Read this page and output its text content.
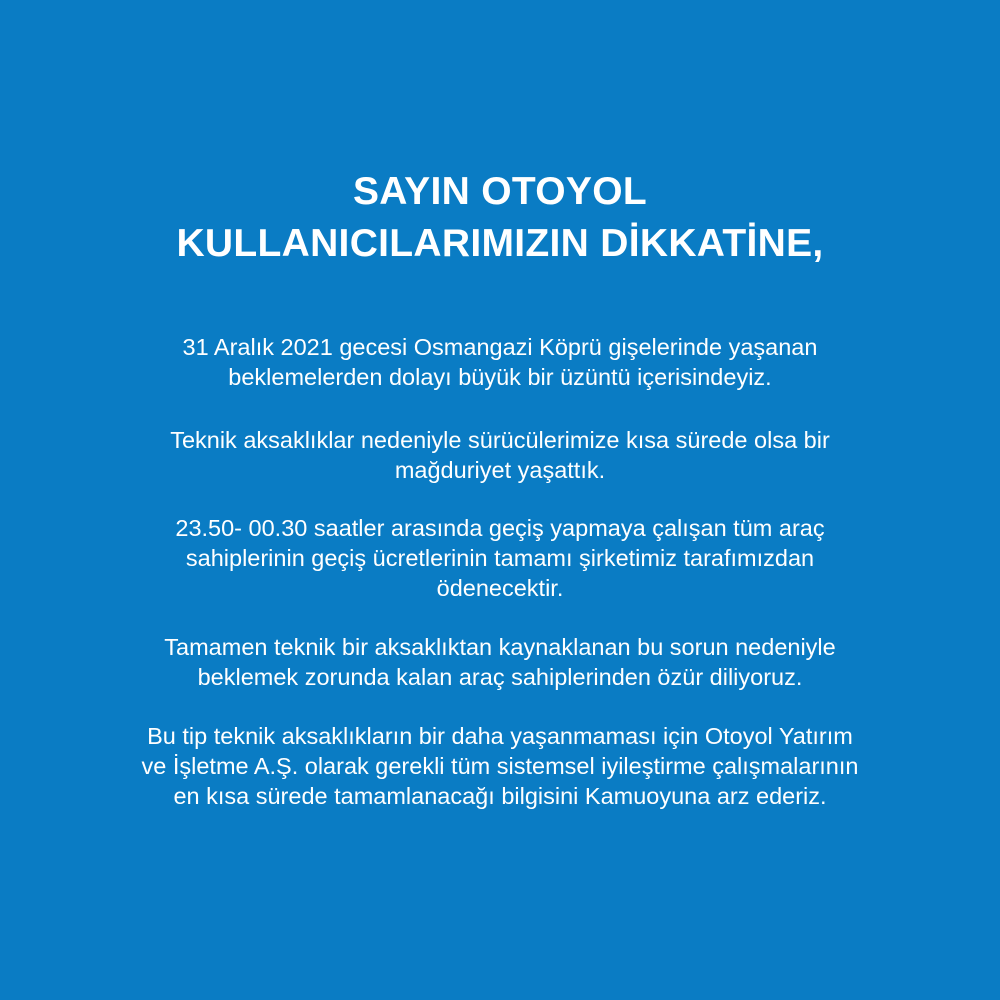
SAYIN OTOYOL
KULLANICILARIMIZIN DİKKATİNE,

31 Aralık 2021 gecesi Osmangazi Köprü gişelerinde yaşanan
beklemelerden dolayı büyük bir üzüntü içerisindeyiz.

Teknik aksaklıklar nedeniyle sürücülerimize kısa sürede olsa bir
mağduriyet yaşattık.

23.50- 00.30 saatler arasında geçiş yapmaya çalışan tüm araç
sahiplerinin geçiş ücretlerinin tamamı şirketimiz tarafımızdan
ödenecektir.

Tamamen teknik bir aksaklıktan kaynaklanan bu sorun nedeniyle
beklemek zorunda kalan araç sahiplerinden özür diliyoruz.

Bu tip teknik aksaklıkların bir daha yaşanmaması için Otoyol Yatırım
ve İşletme A.Ş. olarak gerekli tüm sistemsel iyileştirme çalışmalarının
en kısa sürede tamamlanacağı bilgisini Kamuoyuna arz ederiz.
